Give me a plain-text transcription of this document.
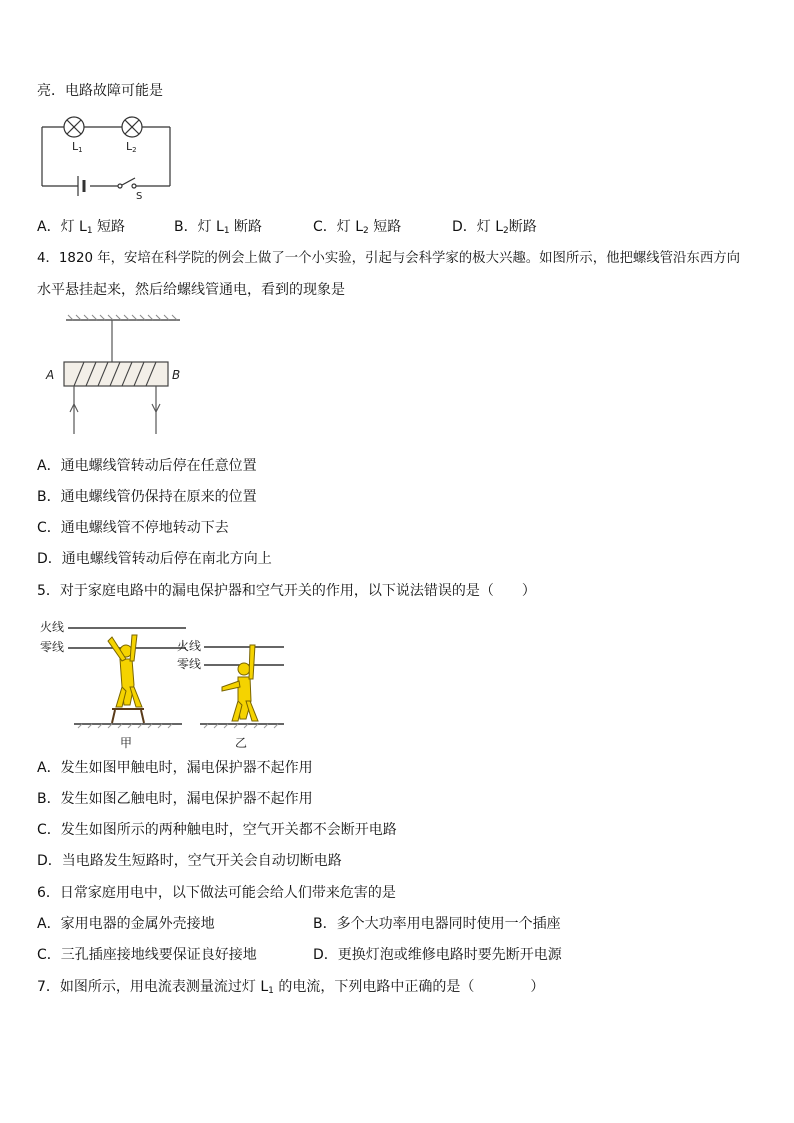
亮．电路故障可能是
L1	L2
S
A．灯 $L_1$ 短路	B．灯 $L_1$ 断路	C．灯 $L_2$ 短路	D．灯 $L_2$断路
4．1820 年，安培在科学院的例会上做了一个小实验，引起与会科学家的极大兴趣。如图所示，他把螺线管沿东西方向
水平悬挂起来，然后给螺线管通电，看到的现象是
A	B
A．通电螺线管转动后停在任意位置
B．通电螺线管仍保持在原来的位置
C．通电螺线管不停地转动下去
D．通电螺线管转动后停在南北方向上
5．对于家庭电路中的漏电保护器和空气开关的作用，以下说法错误的是（　　）
火线
零线
甲
火线
零线
乙
A．发生如图甲触电时，漏电保护器不起作用
B．发生如图乙触电时，漏电保护器不起作用
C．发生如图所示的两种触电时，空气开关都不会断开电路
D．当电路发生短路时，空气开关会自动切断电路
6．日常家庭用电中，以下做法可能会给人们带来危害的是
A．家用电器的金属外壳接地	B．多个大功率用电器同时使用一个插座
C．三孔插座接地线要保证良好接地	D．更换灯泡或维修电路时要先断开电源
7．如图所示，用电流表测量流过灯 $L_1$ 的电流，下列电路中正确的是（　　　　）
